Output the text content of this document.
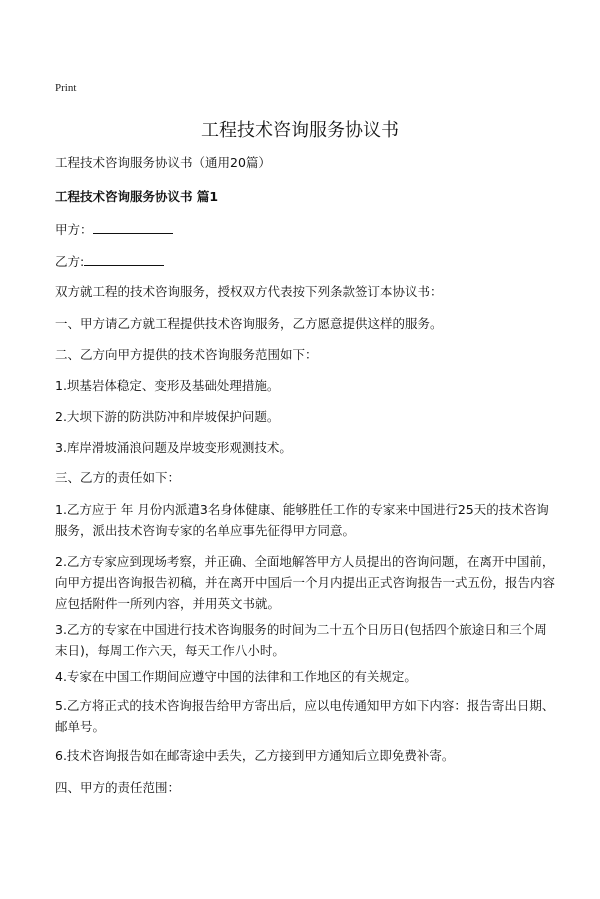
Print
工程技术咨询服务协议书
工程技术咨询服务协议书（通用20篇）
工程技术咨询服务协议书 篇1
甲方：
乙方:
双方就工程的技术咨询服务，授权双方代表按下列条款签订本协议书：
一、甲方请乙方就工程提供技术咨询服务，乙方愿意提供这样的服务。
二、乙方向甲方提供的技术咨询服务范围如下：
1.坝基岩体稳定、变形及基础处理措施。
2.大坝下游的防洪防冲和岸坡保护问题。
3.库岸滑坡涌浪问题及岸坡变形观测技术。
三、乙方的责任如下：
1.乙方应于 年 月份内派遣3名身体健康、能够胜任工作的专家来中国进行25天的技术咨询服务，派出技术咨询专家的名单应事先征得甲方同意。
2.乙方专家应到现场考察，并正确、全面地解答甲方人员提出的咨询问题，在离开中国前，向甲方提出咨询报告初稿，并在离开中国后一个月内提出正式咨询报告一式五份，报告内容应包括附件一所列内容，并用英文书就。
3.乙方的专家在中国进行技术咨询服务的时间为二十五个日历日(包括四个旅途日和三个周末日)，每周工作六天，每天工作八小时。
4.专家在中国工作期间应遵守中国的法律和工作地区的有关规定。
5.乙方将正式的技术咨询报告给甲方寄出后，应以电传通知甲方如下内容：报告寄出日期、邮单号。
6.技术咨询报告如在邮寄途中丢失，乙方接到甲方通知后立即免费补寄。
四、甲方的责任范围：
